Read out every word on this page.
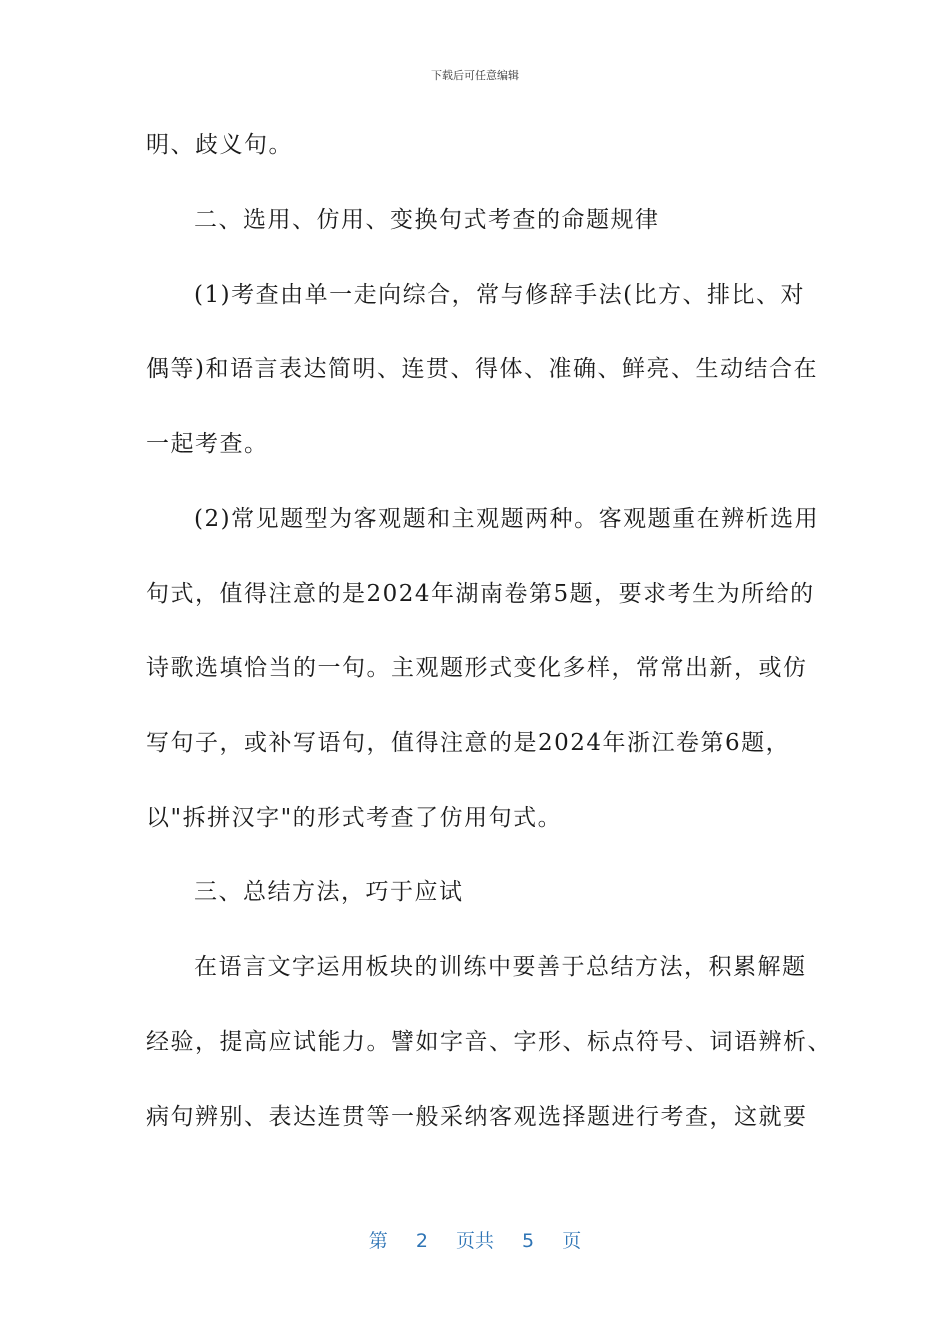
下载后可任意编辑
明、歧义句。
二、选用、仿用、变换句式考查的命题规律
(1)考查由单一走向综合，常与修辞手法(比方、排比、对
偶等)和语言表达简明、连贯、得体、准确、鲜亮、生动结合在
一起考查。
(2)常见题型为客观题和主观题两种。客观题重在辨析选用
句式，值得注意的是2024年湖南卷第5题，要求考生为所给的
诗歌选填恰当的一句。主观题形式变化多样，常常出新，或仿
写句子，或补写语句，值得注意的是2024年浙江卷第6题，
以"拆拼汉字"的形式考查了仿用句式。
三、总结方法，巧于应试
在语言文字运用板块的训练中要善于总结方法，积累解题
经验，提高应试能力。譬如字音、字形、标点符号、词语辨析、
病句辨别、表达连贯等一般采纳客观选择题进行考查，这就要
第 2 页共 5 页
